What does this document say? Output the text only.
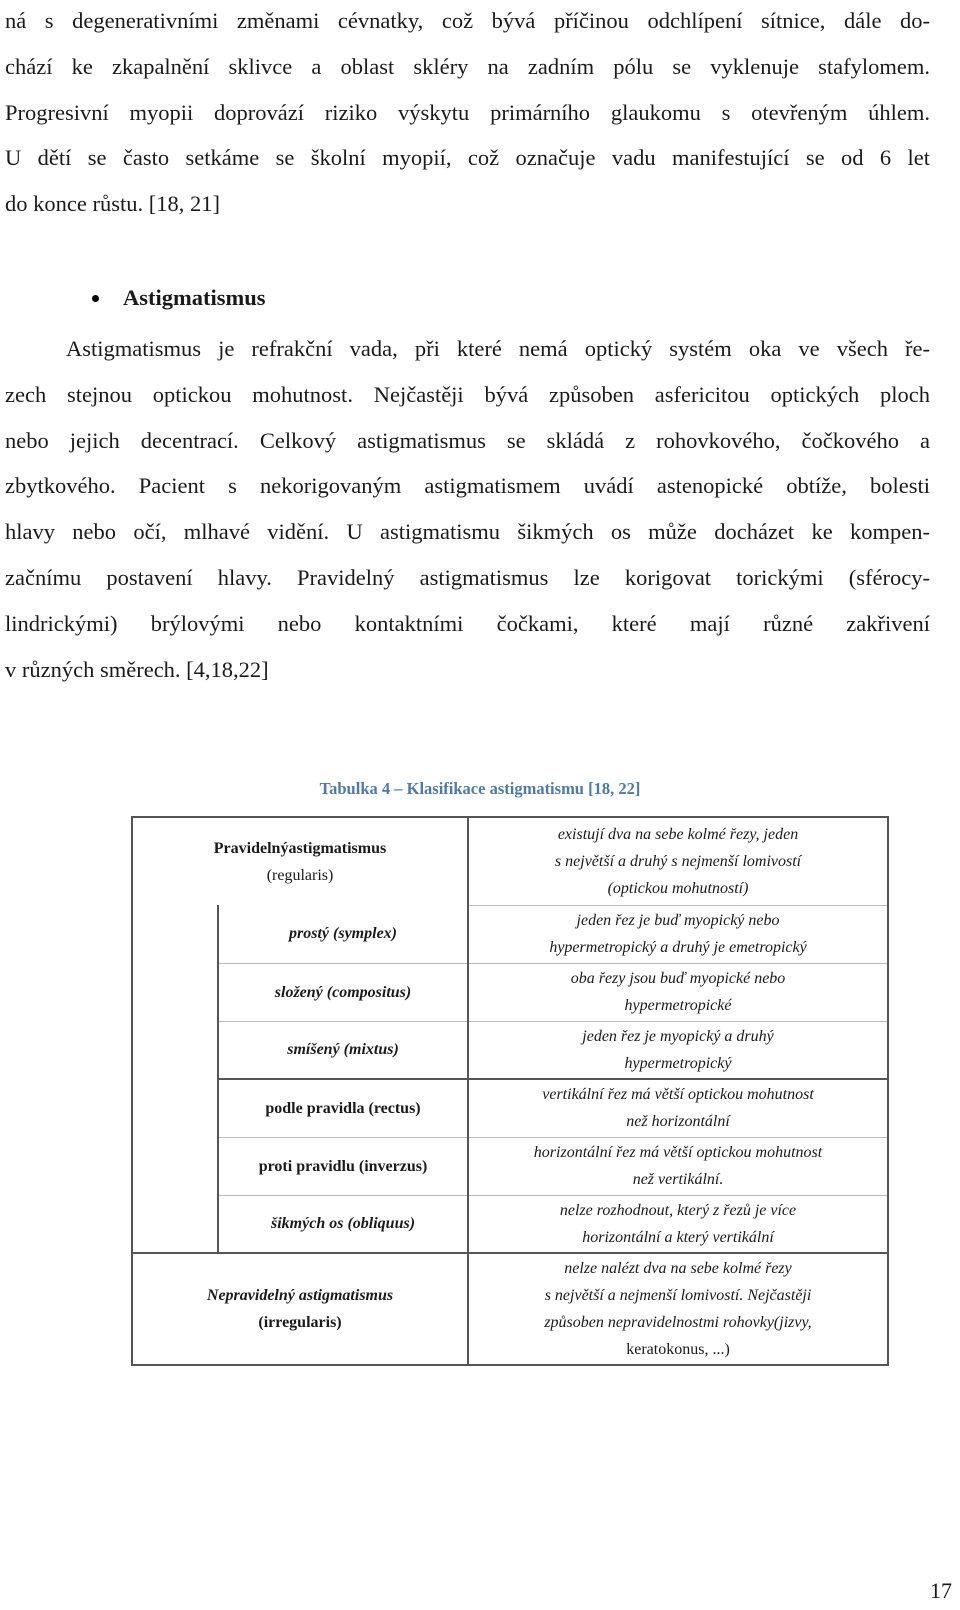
ná s degenerativními změnami cévnatky, což bývá příčinou odchlípení sítnice, dále do-
chází ke zkapalnění sklivce a oblast skléry na zadním pólu se vyklenuje stafylomem.
Progresivní myopii doprovází riziko výskytu primárního glaukomu s otevřeným úhlem.
U dětí se často setkáme se školní myopií, což označuje vadu manifestující se od 6 let
do konce růstu. [18, 21]
Astigmatismus
Astigmatismus je refrakční vada, při které nemá optický systém oka ve všech ře-
zech stejnou optickou mohutnost. Nejčastěji bývá způsoben asfericitou optických ploch
nebo jejich decentrací. Celkový astigmatismus se skládá z rohovkového, čočkového a
zbytkového. Pacient s nekorigovaným astigmatismem uvádí astenopické obtíže, bolesti
hlavy nebo očí, mlhavé vidění. U astigmatismu šikmých os může docházet ke kompen-
začnímu postavení hlavy. Pravidelný astigmatismus lze korigovat torickými (sférocy-
lindrickými) brýlovými nebo kontaktními čočkami, které mají různé zakřivení
v různých směrech. [4,18,22]
Tabulka 4 – Klasifikace astigmatismu [18, 22]
Pravidelnýastigmatismus
(regularis)		existují dva na sebe kolmé řezy, jeden
s největší a druhý s nejmenší lomivostí
(optickou mohutností)

	prostý (symplex)	jeden řez je buď myopický nebo
hypermetropický a druhý je emetropický

	složený (compositus)	oba řezy jsou buď myopické nebo
hypermetropické

	smíšený (mixtus)	jeden řez je myopický a druhý
hypermetropický

	podle pravidla (rectus)	vertikální řez má větší optickou mohutnost
než horizontální

	proti pravidlu (inverzus)	horizontální řez má větší optickou mohutnost
než vertikální.

	šikmých os (obliquus)	nelze rozhodnout, který z řezů je více
horizontální a který vertikální

Nepravidelný astigmatismus
(irregularis)		nelze nalézt dva na sebe kolmé řezy
s největší a nejmenší lomivostí. Nejčastěji
způsoben nepravidelnostmi rohovky(jizvy,
keratokonus, ...)
17
